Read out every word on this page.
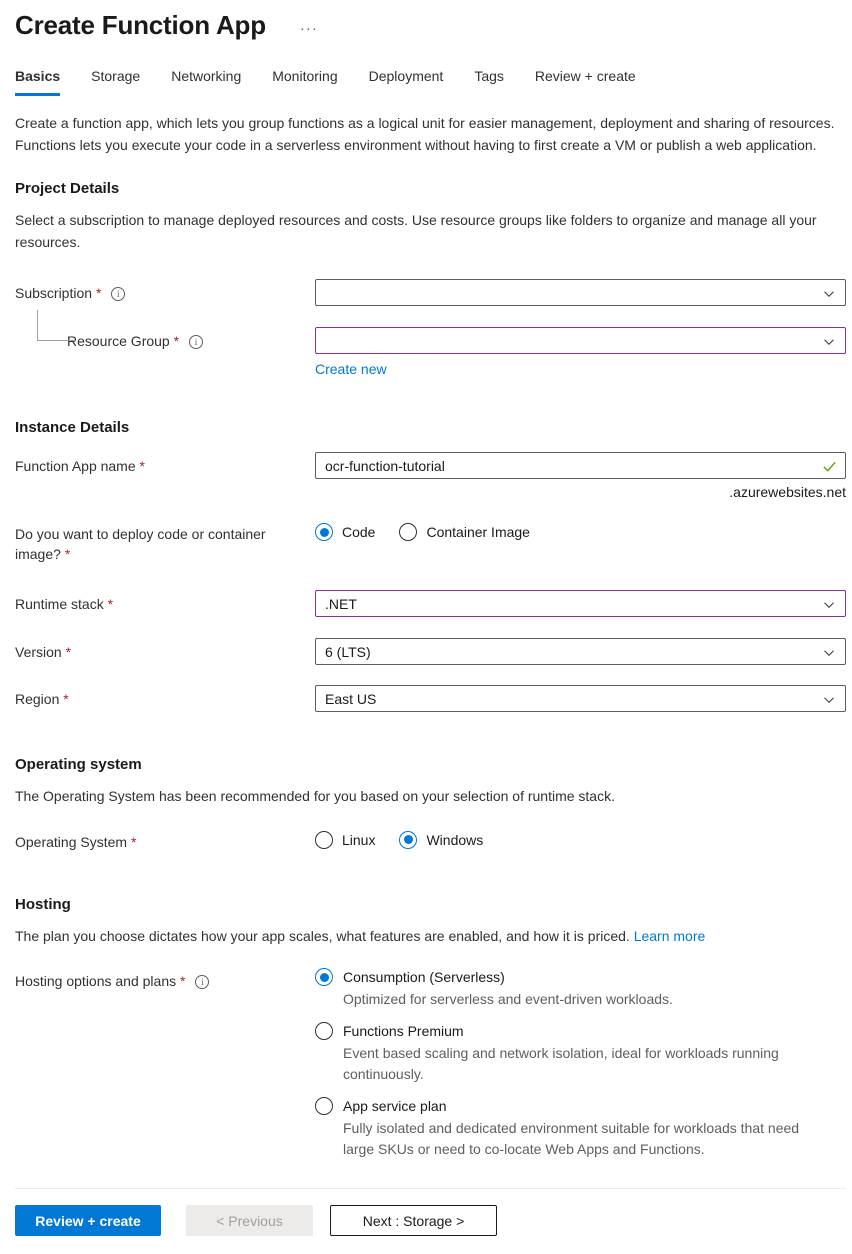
Create Function App ···
Basics Storage Networking Monitoring Deployment Tags Review + create

Create a function app, which lets you group functions as a logical unit for easier management, deployment and sharing of resources. Functions lets you execute your code in a serverless environment without having to first create a VM or publish a web application.

Project Details

Select a subscription to manage deployed resources and costs. Use resource groups like folders to organize and manage all your resources.

Subscription * i
Resource Group * i
Create new
Instance Details
Function App name *
ocr-function-tutorial
.azurewebsites.net
Do you want to deploy code or container image? *
Code	Container Image
Runtime stack *	.NET
Version *	6 (LTS)
Region *	East US
Operating system

The Operating System has been recommended for you based on your selection of runtime stack.

Operating System *	Linux	Windows
Hosting

The plan you choose dictates how your app scales, what features are enabled, and how it is priced. Learn more

Hosting options and plans * i	Consumption (Serverless)
Optimized for serverless and event-driven workloads.
Functions Premium
Event based scaling and network isolation, ideal for workloads running continuously.
App service plan
Fully isolated and dedicated environment suitable for workloads that need large SKUs or need to co-locate Web Apps and Functions.
Review + create	< Previous	Next : Storage >
